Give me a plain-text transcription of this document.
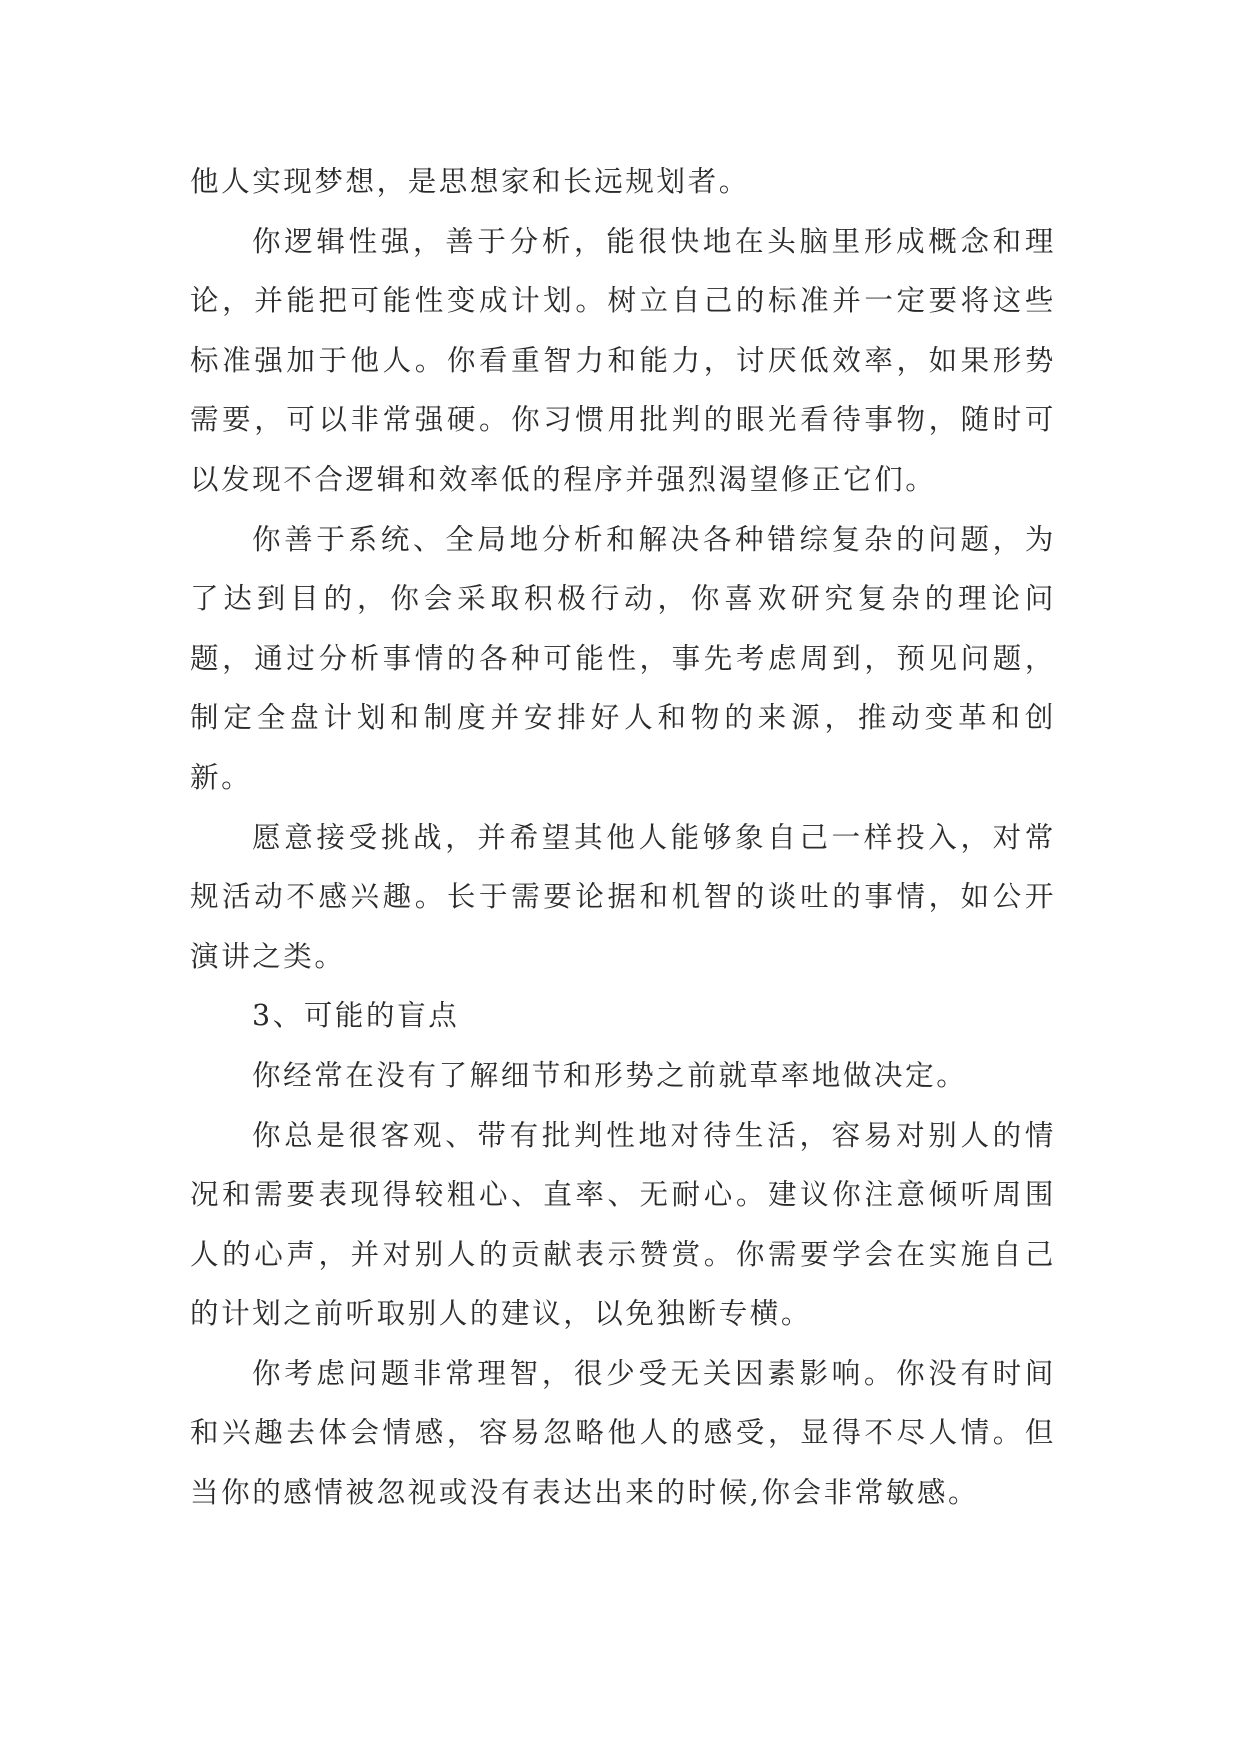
他人实现梦想，是思想家和长远规划者。

你逻辑性强，善于分析，能很快地在头脑里形成概念和理论，并能把可能性变成计划。树立自己的标准并一定要将这些标准强加于他人。你看重智力和能力，讨厌低效率，如果形势需要，可以非常强硬。你习惯用批判的眼光看待事物，随时可以发现不合逻辑和效率低的程序并强烈渴望修正它们。

你善于系统、全局地分析和解决各种错综复杂的问题，为了达到目的，你会采取积极行动，你喜欢研究复杂的理论问题，通过分析事情的各种可能性，事先考虑周到，预见问题，制定全盘计划和制度并安排好人和物的来源，推动变革和创新。

愿意接受挑战，并希望其他人能够象自己一样投入，对常规活动不感兴趣。长于需要论据和机智的谈吐的事情，如公开演讲之类。

3、可能的盲点

你经常在没有了解细节和形势之前就草率地做决定。

你总是很客观、带有批判性地对待生活，容易对别人的情况和需要表现得较粗心、直率、无耐心。建议你注意倾听周围人的心声，并对别人的贡献表示赞赏。你需要学会在实施自己的计划之前听取别人的建议，以免独断专横。

你考虑问题非常理智，很少受无关因素影响。你没有时间和兴趣去体会情感，容易忽略他人的感受，显得不尽人情。但当你的感情被忽视或没有表达出来的时候,你会非常敏感。
